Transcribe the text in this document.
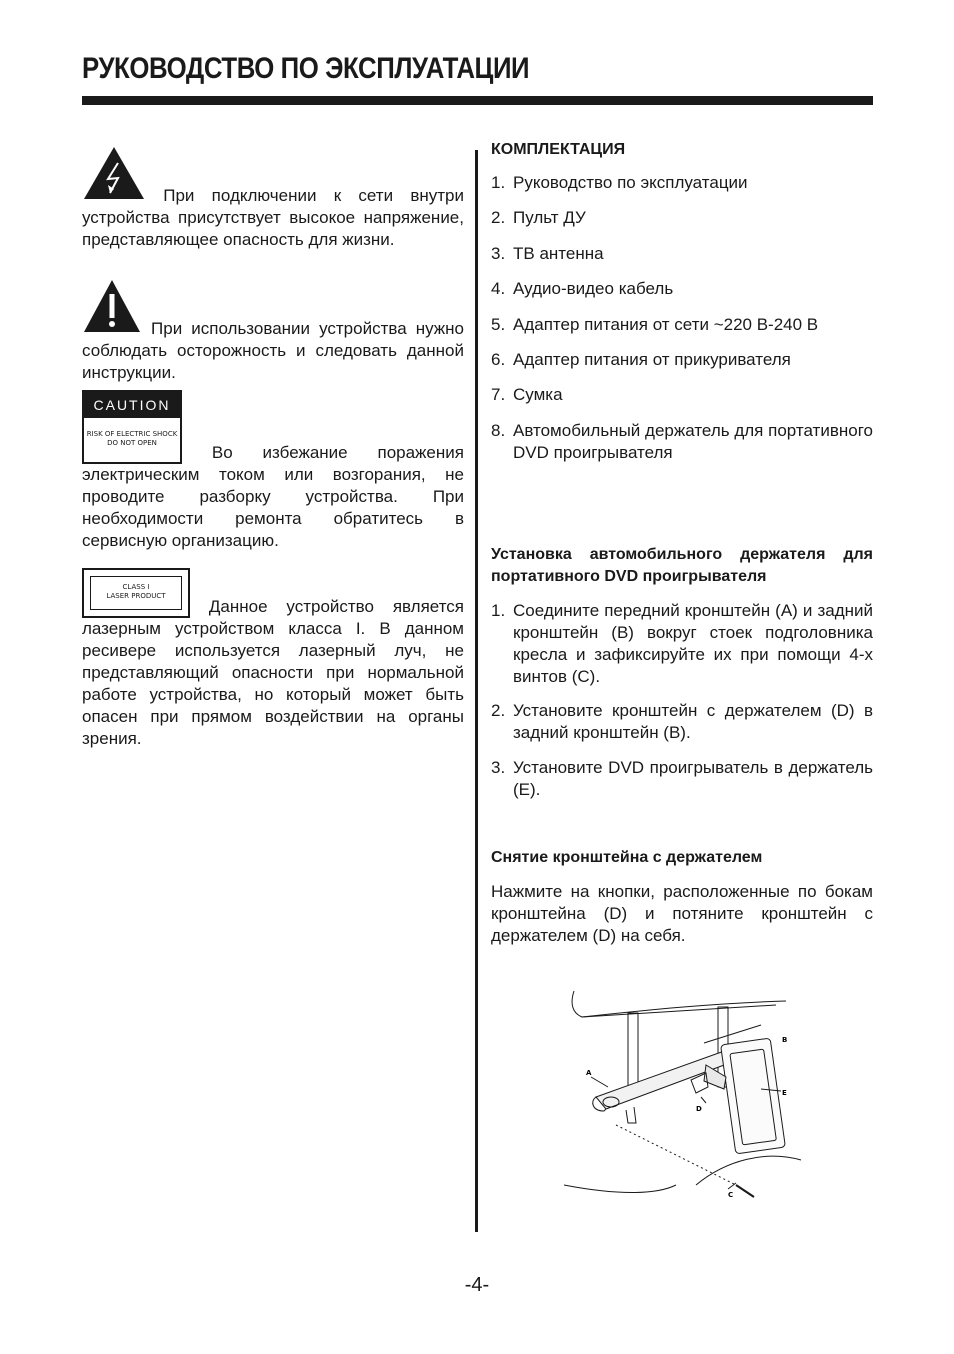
РУКОВОДСТВО ПО ЭКСПЛУАТАЦИИ
При подключении к сети внутри устройства присутствует высокое напряжение, представляющее опасность для жизни.
При использовании устройства нужно соблюдать осторожность и следовать данной инструкции.
CAUTION
RISK OF ELECTRIC SHOCK
DO NOT OPEN	Во избежание поражения электрическим током или возгорания, не проводите разборку устройства. При необходимости ремонта обратитесь в сервисную организацию.
CLASS I
LASER PRODUCT
Данное устройство является лазерным устройством класса I. В данном ресивере используется лазерный луч, не представляющий опасности при нормальной работе устройства, но который может быть опасен при прямом воздействии на органы зрения.
КОМПЛЕКТАЦИЯ
1. Руководство по эксплуатации
2. Пульт ДУ
3. ТВ антенна
4. Аудио-видео кабель
5. Адаптер питания от сети ~220 В-240 В
6. Адаптер питания от прикуривателя
7. Сумка
8. Автомобильный держатель для портативного DVD проигрывателя
Установка автомобильного держателя для портативного DVD проигрывателя
1. Соедините передний кронштейн (А) и задний кронштейн (В) вокруг стоек подголовника кресла и зафиксируйте их при помощи 4-х винтов (С).
2. Установите кронштейн с держателем (D) в задний кронштейн (В).
3. Установите DVD проигрыватель в держатель (Е).
Снятие кронштейна с держателем
Нажмите на кнопки, расположенные по бокам кронштейна (D) и потяните кронштейн с держателем (D) на себя.
A
B
D
E
C
-4-
